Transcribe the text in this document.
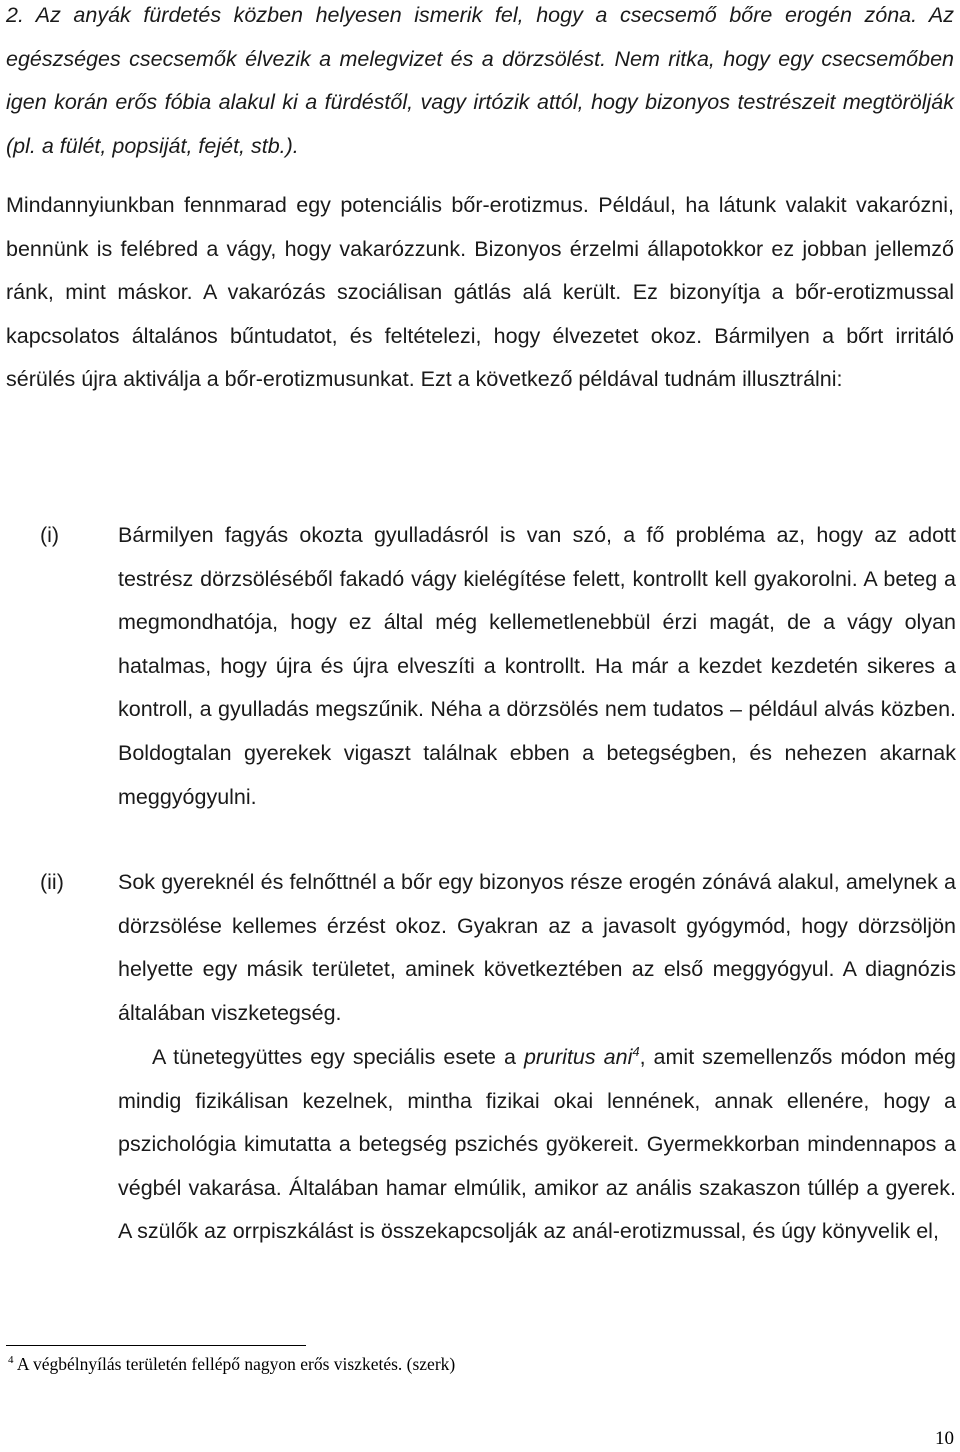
2. Az anyák fürdetés közben helyesen ismerik fel, hogy a csecsemő bőre erogén zóna. Az egészséges csecsemők élvezik a melegvizet és a dörzsölést. Nem ritka, hogy egy csecsemőben igen korán erős fóbia alakul ki a fürdéstől, vagy irtózik attól, hogy bizonyos testrészeit megtörölják (pl. a fülét, popsiját, fejét, stb.).

Mindannyiunkban fennmarad egy potenciális bőr-erotizmus. Például, ha látunk valakit vakarózni, bennünk is felébred a vágy, hogy vakarózzunk. Bizonyos érzelmi állapotokkor ez jobban jellemző ránk, mint máskor. A vakarózás szociálisan gátlás alá került. Ez bizonyítja a bőr-erotizmussal kapcsolatos általános bűntudatot, és feltételezi, hogy élvezetet okoz. Bármilyen a bőrt irritáló sérülés újra aktiválja a bőr-erotizmusunkat. Ezt a következő példával tudnám illusztrálni:

(i)	Bármilyen fagyás okozta gyulladásról is van szó, a fő probléma az, hogy az adott testrész dörzsöléséből fakadó vágy kielégítése felett, kontrollt kell gyakorolni. A beteg a megmondhatója, hogy ez által még kellemetlenebbül érzi magát, de a vágy olyan hatalmas, hogy újra és újra elveszíti a kontrollt. Ha már a kezdet kezdetén sikeres a kontroll, a gyulladás megszűnik. Néha a dörzsölés nem tudatos – például alvás közben. Boldogtalan gyerekek vigaszt találnak ebben a betegségben, és nehezen akarnak meggyógyulni.

(ii)	Sok gyereknél és felnőttnél a bőr egy bizonyos része erogén zónává alakul, amelynek a dörzsölése kellemes érzést okoz. Gyakran az a javasolt gyógymód, hogy dörzsöljön helyette egy másik területet, aminek következtében az első meggyógyul. A diagnózis általában viszketegség.

A tünetegyüttes egy speciális esete a pruritus ani$^4$, amit szemellenzős módon még mindig fizikálisan kezelnek, mintha fizikai okai lennének, annak ellenére, hogy a pszichológia kimutatta a betegség pszichés gyökereit. Gyermekkorban mindennapos a végbél vakarása. Általában hamar elmúlik, amikor az anális szakaszon túllép a gyerek. A szülők az orrpiszkálást is összekapcsolják az anál-erotizmussal, és úgy könyvelik el,

$^4$ A végbélnyílás területén fellépő nagyon erős viszketés. (szerk)
10
